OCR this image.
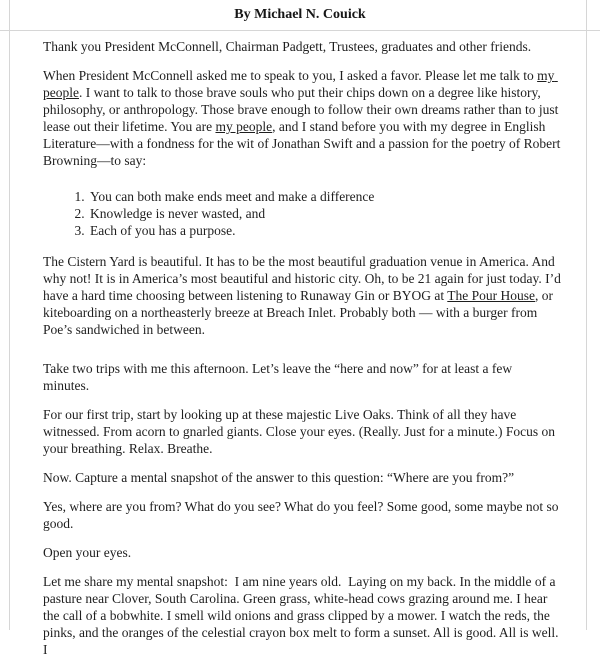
By Michael N. Couick

Thank you President McConnell, Chairman Padgett, Trustees, graduates and other friends.

When President McConnell asked me to speak to you, I asked a favor. Please let me talk to my people. I want to talk to those brave souls who put their chips down on a degree like history, philosophy, or anthropology. Those brave enough to follow their own dreams rather than to just lease out their lifetime. You are my people, and I stand before you with my degree in English Literature—with a fondness for the wit of Jonathan Swift and a passion for the poetry of Robert Browning—to say:

1. You can both make ends meet and make a difference
2. Knowledge is never wasted, and
3. Each of you has a purpose.

The Cistern Yard is beautiful. It has to be the most beautiful graduation venue in America. And why not! It is in America’s most beautiful and historic city. Oh, to be 21 again for just today. I’d have a hard time choosing between listening to Runaway Gin or BYOG at The Pour House, or kiteboarding on a northeasterly breeze at Breach Inlet. Probably both — with a burger from Poe’s sandwiched in between.

Take two trips with me this afternoon. Let’s leave the “here and now” for at least a few minutes.

For our first trip, start by looking up at these majestic Live Oaks. Think of all they have witnessed. From acorn to gnarled giants. Close your eyes. (Really. Just for a minute.) Focus on your breathing. Relax. Breathe.

Now. Capture a mental snapshot of the answer to this question: “Where are you from?”

Yes, where are you from? What do you see? What do you feel? Some good, some maybe not so good.

Open your eyes.

Let me share my mental snapshot:  I am nine years old.  Laying on my back. In the middle of a pasture near Clover, South Carolina. Green grass, white-head cows grazing around me. I hear the call of a bobwhite. I smell wild onions and grass clipped by a mower. I watch the reds, the pinks, and the oranges of the celestial crayon box melt to form a sunset. All is good. All is well. I
